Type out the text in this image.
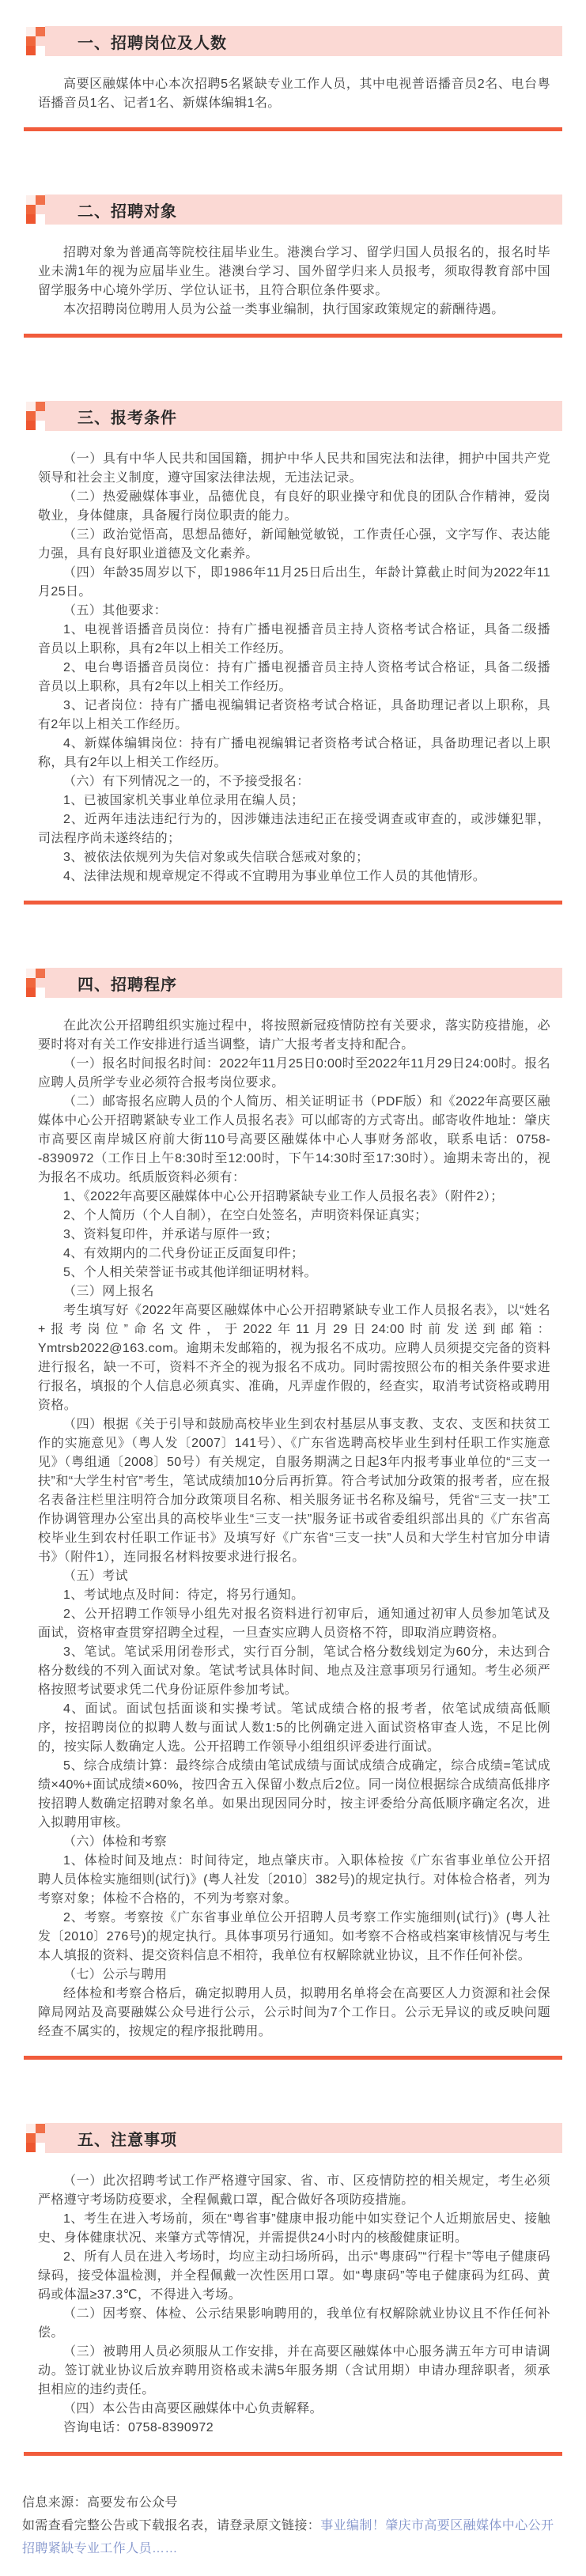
一、招聘岗位及人数

高要区融媒体中心本次招聘5名紧缺专业工作人员，其中电视普语播音员2名、电台粤语播音员1名、记者1名、新媒体编辑1名。

二、招聘对象

招聘对象为普通高等院校往届毕业生。港澳台学习、留学归国人员报名的，报名时毕业未满1年的视为应届毕业生。港澳台学习、国外留学归来人员报考，须取得教育部中国留学服务中心境外学历、学位认证书，且符合职位条件要求。

本次招聘岗位聘用人员为公益一类事业编制，执行国家政策规定的薪酬待遇。

三、报考条件

（一）具有中华人民共和国国籍，拥护中华人民共和国宪法和法律，拥护中国共产党领导和社会主义制度，遵守国家法律法规，无违法记录。

（二）热爱融媒体事业，品德优良，有良好的职业操守和优良的团队合作精神，爱岗敬业，身体健康，具备履行岗位职责的能力。

（三）政治觉悟高，思想品德好，新闻触觉敏锐，工作责任心强，文字写作、表达能力强，具有良好职业道德及文化素养。

（四）年龄35周岁以下，即1986年11月25日后出生，年龄计算截止时间为2022年11月25日。

（五）其他要求：

1、电视普语播音员岗位：持有广播电视播音员主持人资格考试合格证，具备二级播音员以上职称，具有2年以上相关工作经历。

2、电台粤语播音员岗位：持有广播电视播音员主持人资格考试合格证，具备二级播音员以上职称，具有2年以上相关工作经历。

3、记者岗位：持有广播电视编辑记者资格考试合格证，具备助理记者以上职称，具有2年以上相关工作经历。

4、新媒体编辑岗位：持有广播电视编辑记者资格考试合格证，具备助理记者以上职称，具有2年以上相关工作经历。

（六）有下列情况之一的，不予接受报名：

1、已被国家机关事业单位录用在编人员；

2、近两年违法违纪行为的，因涉嫌违法违纪正在接受调查或审查的，或涉嫌犯罪，司法程序尚未遂终结的；

3、被依法依规列为失信对象或失信联合惩戒对象的；

4、法律法规和规章规定不得或不宜聘用为事业单位工作人员的其他情形。

四、招聘程序

在此次公开招聘组织实施过程中，将按照新冠疫情防控有关要求，落实防疫措施，必要时将对有关工作安排进行适当调整，请广大报考者支持和配合。

（一）报名时间报名时间：2022年11月25日0:00时至2022年11月29日24:00时。报名应聘人员所学专业必须符合报考岗位要求。

（二）邮寄报名应聘人员的个人简历、相关证明证书（PDF版）和《2022年高要区融媒体中心公开招聘紧缺专业工作人员报名表》可以邮寄的方式寄出。邮寄收件地址：肇庆市高要区南岸城区府前大街110号高要区融媒体中心人事财务部收，联系电话：0758--8390972（工作日上午8:30时至12:00时，下午14:30时至17:30时）。逾期未寄出的，视为报名不成功。纸质版资料必须有：

1、《2022年高要区融媒体中心公开招聘紧缺专业工作人员报名表》（附件2）；

2、个人简历（个人自制），在空白处签名，声明资料保证真实；

3、资料复印件，并承诺与原件一致；

4、有效期内的二代身份证正反面复印件；

5、个人相关荣誉证书或其他详细证明材料。

（三）网上报名

考生填写好《2022年高要区融媒体中心公开招聘紧缺专业工作人员报名表》，以“姓名+报考岗位”命名文件，于2022年11月29日24:00时前发送到邮箱：Ymtrsb2022@163.com。逾期未发邮箱的，视为报名不成功。应聘人员须提交完备的资料进行报名，缺一不可，资料不齐全的视为报名不成功。同时需按照公布的相关条件要求进行报名，填报的个人信息必须真实、准确，凡弄虚作假的，经查实，取消考试资格或聘用资格。

（四）根据《关于引导和鼓励高校毕业生到农村基层从事支教、支农、支医和扶贫工作的实施意见》（粤人发〔2007〕141号）、《广东省选聘高校毕业生到村任职工作实施意见》（粤组通〔2008〕50号）有关规定，自服务期满之日起3年内报考事业单位的“三支一扶”和“大学生村官”考生，笔试成绩加10分后再折算。符合考试加分政策的报考者，应在报名表备注栏里注明符合加分政策项目名称、相关服务证书名称及编号，凭省“三支一扶”工作协调管理办公室出具的高校毕业生“三支一扶”服务证书或省委组织部出具的《广东省高校毕业生到农村任职工作证书》及填写好《广东省“三支一扶”人员和大学生村官加分申请书》（附件1），连同报名材料按要求进行报名。

（五）考试

1、考试地点及时间：待定，将另行通知。

2、公开招聘工作领导小组先对报名资料进行初审后，通知通过初审人员参加笔试及面试，资格审查贯穿招聘全过程，一旦查实应聘人员资格不符，即取消应聘资格。

3、笔试。笔试采用闭卷形式，实行百分制，笔试合格分数线划定为60分，未达到合格分数线的不列入面试对象。笔试考试具体时间、地点及注意事项另行通知。考生必须严格按照考试要求凭二代身份证原件参加考试。

4、面试。面试包括面谈和实操考试。笔试成绩合格的报考者，依笔试成绩高低顺序，按招聘岗位的拟聘人数与面试人数1:5的比例确定进入面试资格审查人选，不足比例的，按实际人数确定人选。公开招聘工作领导小组组织评委进行面试。

5、综合成绩计算：最终综合成绩由笔试成绩与面试成绩合成确定，综合成绩=笔试成绩×40%+面试成绩×60%，按四舍五入保留小数点后2位。同一岗位根据综合成绩高低排序按招聘人数确定招聘对象名单。如果出现因同分时，按主评委给分高低顺序确定名次，进入拟聘用审核。

（六）体检和考察

1、体检时间及地点：时间待定，地点肇庆市。入职体检按《广东省事业单位公开招聘人员体检实施细则(试行)》(粤人社发〔2010〕382号)的规定执行。对体检合格者，列为考察对象；体检不合格的，不列为考察对象。

2、考察。考察按《广东省事业单位公开招聘人员考察工作实施细则(试行)》(粤人社发〔2010〕276号)的规定执行。具体事项另行通知。如考察不合格或档案审核情况与考生本人填报的资料、提交资料信息不相符，我单位有权解除就业协议，且不作任何补偿。

（七）公示与聘用

经体检和考察合格后，确定拟聘用人员，拟聘用名单将会在高要区人力资源和社会保障局网站及高要融媒公众号进行公示，公示时间为7个工作日。公示无异议的或反映问题经查不属实的，按规定的程序报批聘用。

五、注意事项

（一）此次招聘考试工作严格遵守国家、省、市、区疫情防控的相关规定，考生必须严格遵守考场防疫要求，全程佩戴口罩，配合做好各项防疫措施。

1、考生在进入考场前，须在“粤省事”健康申报功能中如实登记个人近期旅居史、接触史、身体健康状况、来肇方式等情况，并需提供24小时内的核酸健康证明。

2、所有人员在进入考场时，均应主动扫场所码，出示“粤康码”“行程卡”等电子健康码绿码，接受体温检测，并全程佩戴一次性医用口罩。如“粤康码”等电子健康码为红码、黄码或体温≥37.3℃，不得进入考场。

（二）因考察、体检、公示结果影响聘用的，我单位有权解除就业协议且不作任何补偿。

（三）被聘用人员必须服从工作安排，并在高要区融媒体中心服务满五年方可申请调动。签订就业协议后放弃聘用资格或未满5年服务期（含试用期）申请办理辞职者，须承担相应的违约责任。

（四）本公告由高要区融媒体中心负责解释。

咨询电话：0758-8390972

信息来源：高要发布公众号

如需查看完整公告或下载报名表，请登录原文链接：事业编制！肇庆市高要区融媒体中心公开招聘紧缺专业工作人员……
